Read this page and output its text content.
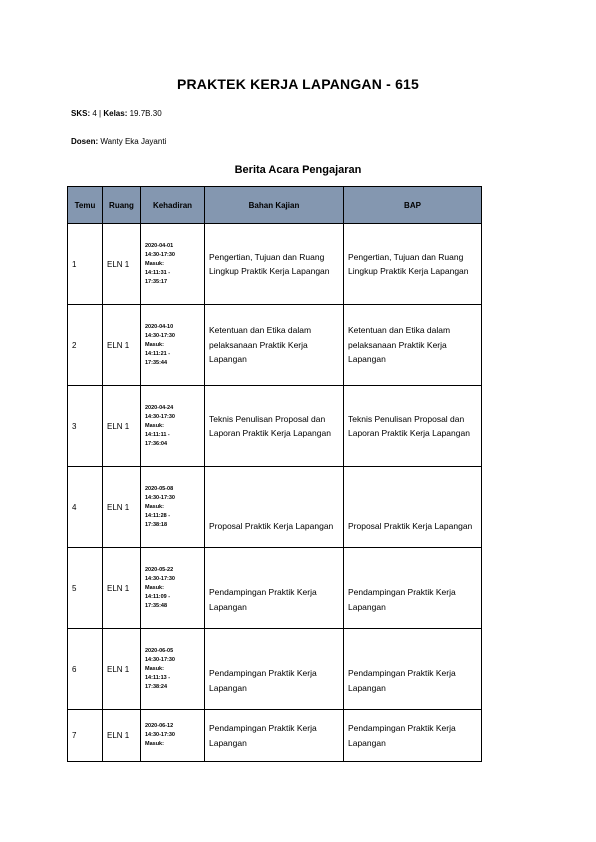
PRAKTEK KERJA LAPANGAN - 615
SKS: 4 | Kelas: 19.7B.30
Dosen: Wanty Eka Jayanti
Berita Acara Pengajaran
Temu	Ruang	Kehadiran	Bahan Kajian	BAP
1	ELN 1	2020-04-01
14:30-17:30
Masuk:
14:11:31 -
17:35:17	Pengertian, Tujuan dan Ruang Lingkup Praktik Kerja Lapangan	Pengertian, Tujuan dan Ruang Lingkup Praktik Kerja Lapangan
2	ELN 1	2020-04-10
14:30-17:30
Masuk:
14:11:21 -
17:35:44	Ketentuan dan Etika dalam pelaksanaan Praktik Kerja Lapangan	Ketentuan dan Etika dalam pelaksanaan Praktik Kerja Lapangan
3	ELN 1	2020-04-24
14:30-17:30
Masuk:
14:11:11 -
17:36:04	Teknis Penulisan Proposal dan Laporan Praktik Kerja Lapangan	Teknis Penulisan Proposal dan Laporan Praktik Kerja Lapangan
4	ELN 1	2020-05-08
14:30-17:30
Masuk:
14:11:28 -
17:38:18	Proposal Praktik Kerja Lapangan	Proposal Praktik Kerja Lapangan
5	ELN 1	2020-05-22
14:30-17:30
Masuk:
14:11:09 -
17:35:48	Pendampingan Praktik Kerja Lapangan	Pendampingan Praktik Kerja Lapangan
6	ELN 1	2020-06-05
14:30-17:30
Masuk:
14:11:13 -
17:38:24	Pendampingan Praktik Kerja Lapangan	Pendampingan Praktik Kerja Lapangan
7	ELN 1	2020-06-12
14:30-17:30
Masuk:	Pendampingan Praktik Kerja Lapangan	Pendampingan Praktik Kerja Lapangan
